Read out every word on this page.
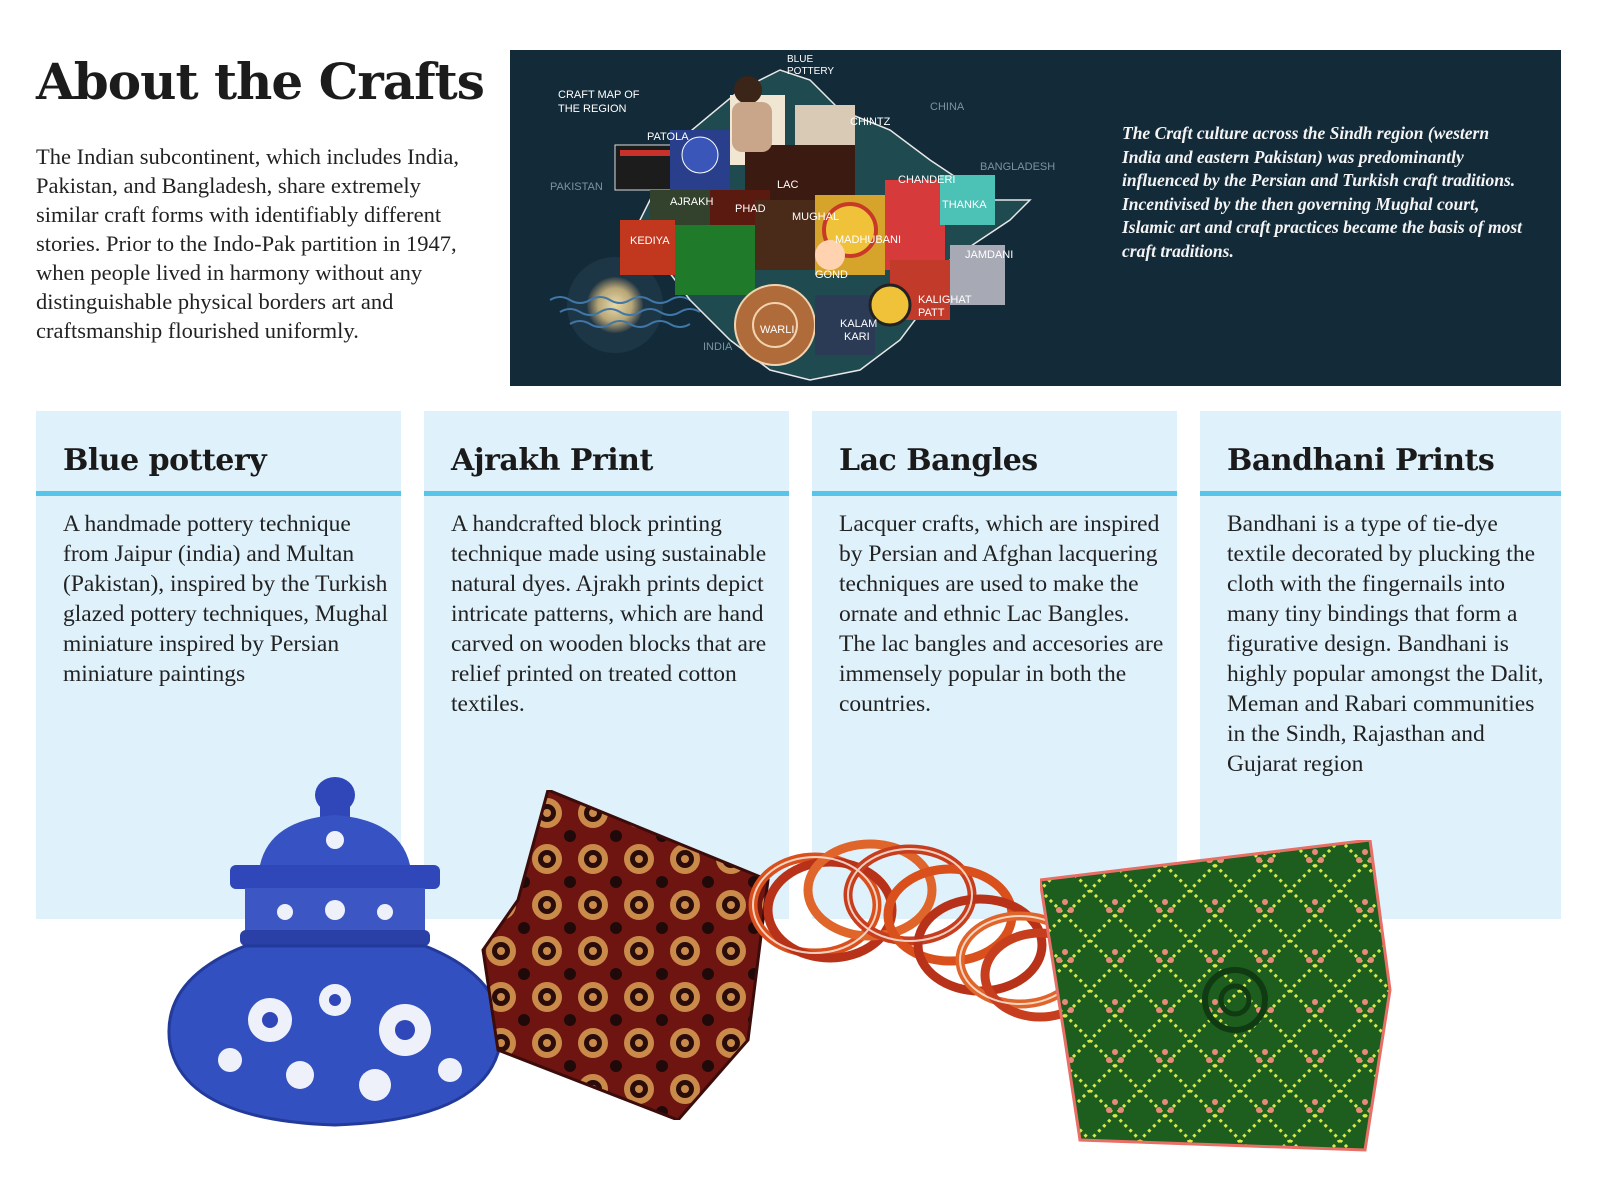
About the Crafts

The Indian subcontinent, which includes India, Pakistan, and Bangladesh, share extremely similar craft forms with identifiably different stories. Prior to the Indo-Pak partition in 1947, when people lived in harmony without any distinguishable physical borders art and craftsmanship flourished uniformly.

CRAFT MAP OF
THE REGION
BLUE
POTTERY
CHINTZ
PATOLA
AJRAKH
LAC
PHAD
MUGHAL
CHANDERI
THANKA
KEDIYA	MADHUBANI
JAMDANI
GOND
KALIGHAT
PATT
WARLI	KALAM
KARI
PAKISTAN
INDIA
CHINA
BANGLADESH

The Craft culture across the Sindh region (western India and eastern Pakistan) was predominantly influenced by the Persian and Turkish craft traditions. Incentivised by the then governing Mughal court, Islamic art and craft practices became the basis of most craft traditions.

Blue pottery

A handmade pottery technique from Jaipur (india) and Multan (Pakistan), inspired by the Turkish glazed pottery techniques, Mughal miniature inspired by Persian miniature paintings

Ajrakh Print

A handcrafted block printing technique made using sustainable natural dyes. Ajrakh prints depict intricate patterns, which are hand carved on wooden blocks that are relief printed on treated cotton textiles.

Lac Bangles

Lacquer crafts, which are inspired by Persian and Afghan lacquering techniques are used to make the ornate and ethnic Lac Bangles. The lac bangles and accesories are immensely popular in both the countries.

Bandhani Prints

Bandhani is a type of tie-dye textile decorated by plucking the cloth with the fingernails into many tiny bindings that form a figurative design. Bandhani is highly popular amongst the Dalit, Meman and Rabari communities in the Sindh, Rajasthan and Gujarat region
